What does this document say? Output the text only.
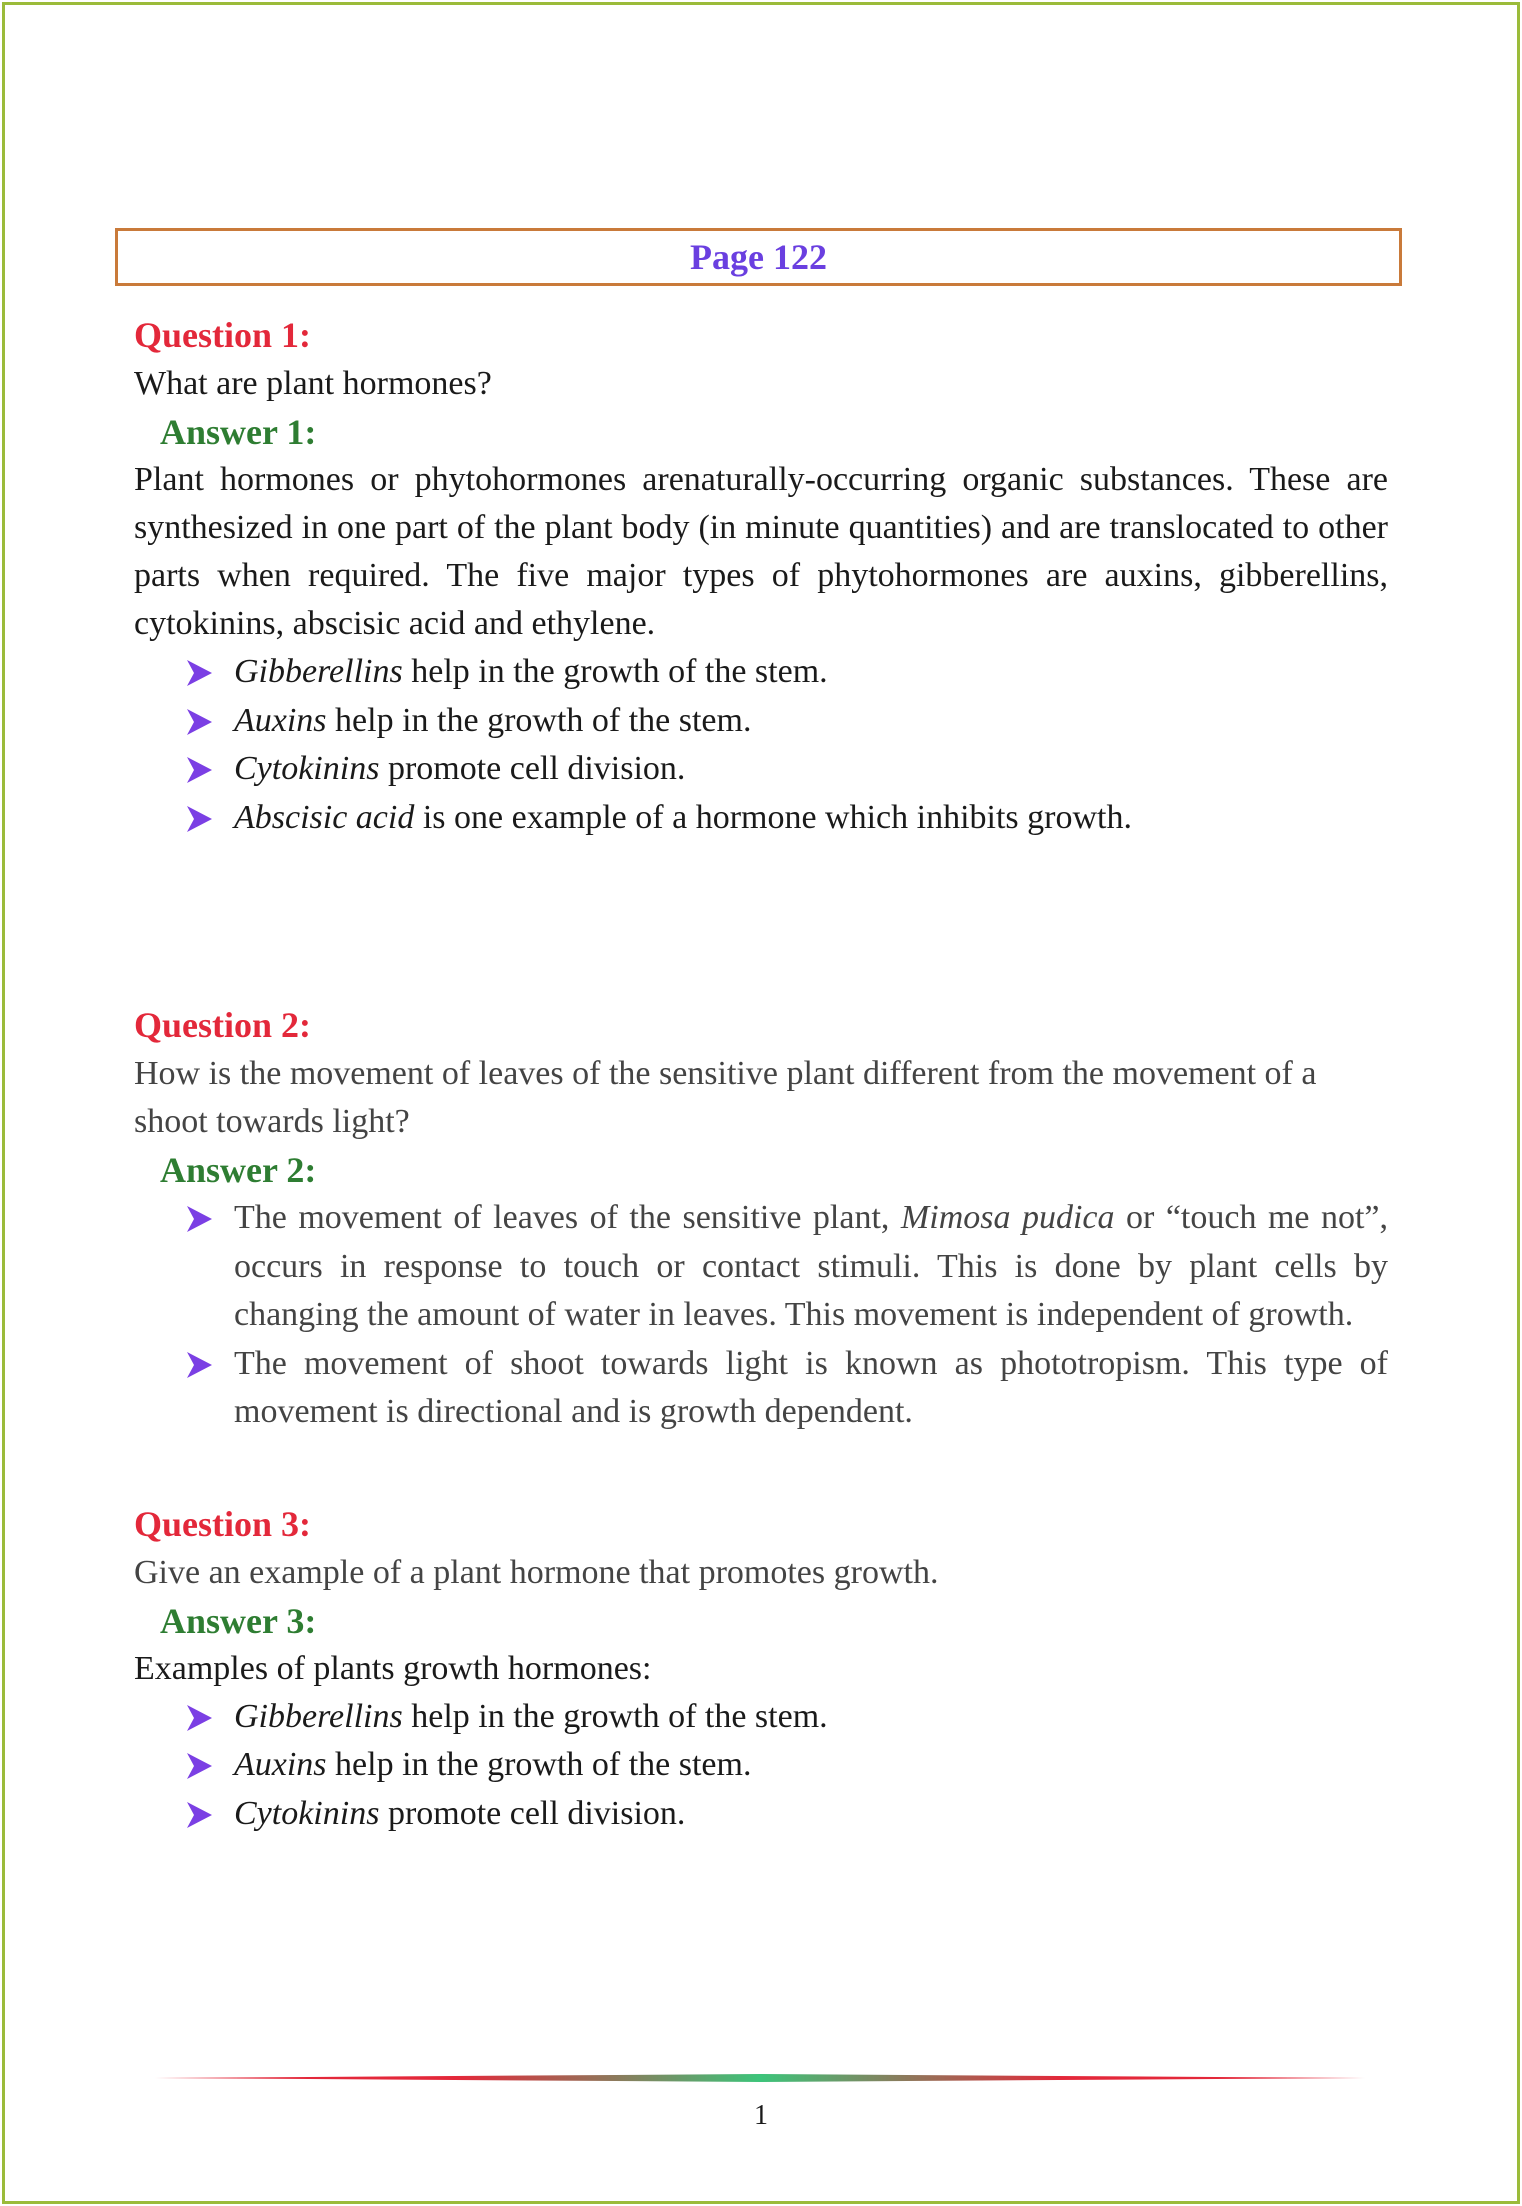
Page 122

Question 1:

What are plant hormones?

Answer 1:

Plant hormones or phytohormones arenaturally-occurring organic substances. These are synthesized in one part of the plant body (in minute quantities) and are translocated to other parts when required. The five major types of phytohormones are auxins, gibberellins, cytokinins, abscisic acid and ethylene.

Gibberellins help in the growth of the stem.
Auxins help in the growth of the stem.
Cytokinins promote cell division.
Abscisic acid is one example of a hormone which inhibits growth.

Question 2:

How is the movement of leaves of the sensitive plant different from the movement of a shoot towards light?

Answer 2:

The movement of leaves of the sensitive plant, Mimosa pudica or “touch me not”, occurs in response to touch or contact stimuli. This is done by plant cells by changing the amount of water in leaves. This movement is independent of growth.
The movement of shoot towards light is known as phototropism. This type of movement is directional and is growth dependent.

Question 3:

Give an example of a plant hormone that promotes growth.

Answer 3:

Examples of plants growth hormones:

Gibberellins help in the growth of the stem.
Auxins help in the growth of the stem.
Cytokinins promote cell division.
1
